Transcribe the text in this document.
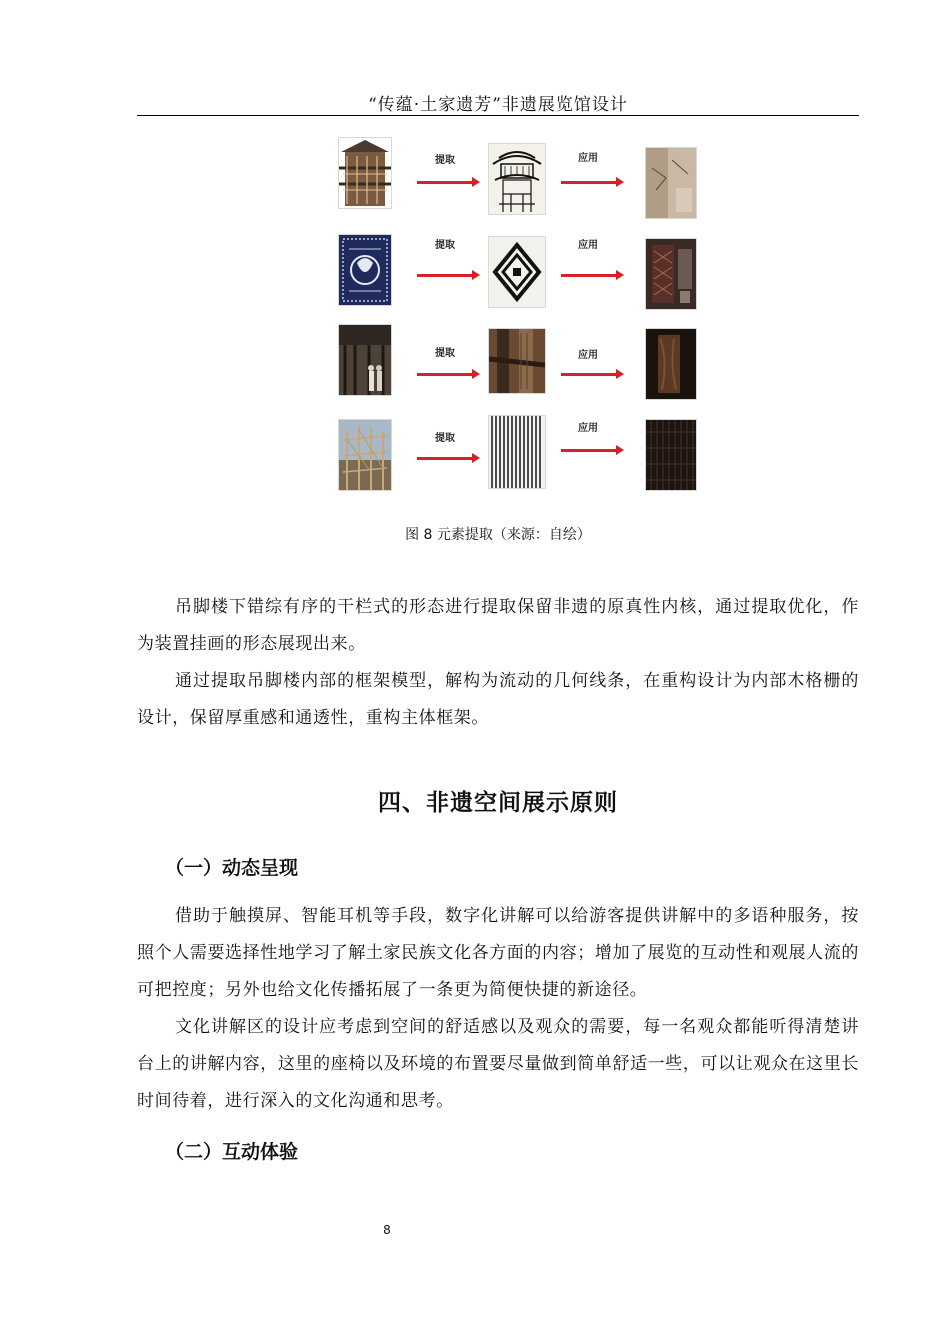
“传蕴·土家遗芳”非遗展览馆设计
提取	应用
提取	应用
提取	应用
提取
应用
图 8 元素提取（来源：自绘）

吊脚楼下错综有序的干栏式的形态进行提取保留非遗的原真性内核，通过提取优化，作为装置挂画的形态展现出来。

通过提取吊脚楼内部的框架模型，解构为流动的几何线条，在重构设计为内部木格栅的设计，保留厚重感和通透性，重构主体框架。

四、非遗空间展示原则
（一）动态呈现

借助于触摸屏、智能耳机等手段，数字化讲解可以给游客提供讲解中的多语种服务，按照个人需要选择性地学习了解土家民族文化各方面的内容；增加了展览的互动性和观展人流的可把控度；另外也给文化传播拓展了一条更为简便快捷的新途径。

文化讲解区的设计应考虑到空间的舒适感以及观众的需要，每一名观众都能听得清楚讲台上的讲解内容，这里的座椅以及环境的布置要尽量做到简单舒适一些，可以让观众在这里长时间待着，进行深入的文化沟通和思考。

（二）互动体验
8
